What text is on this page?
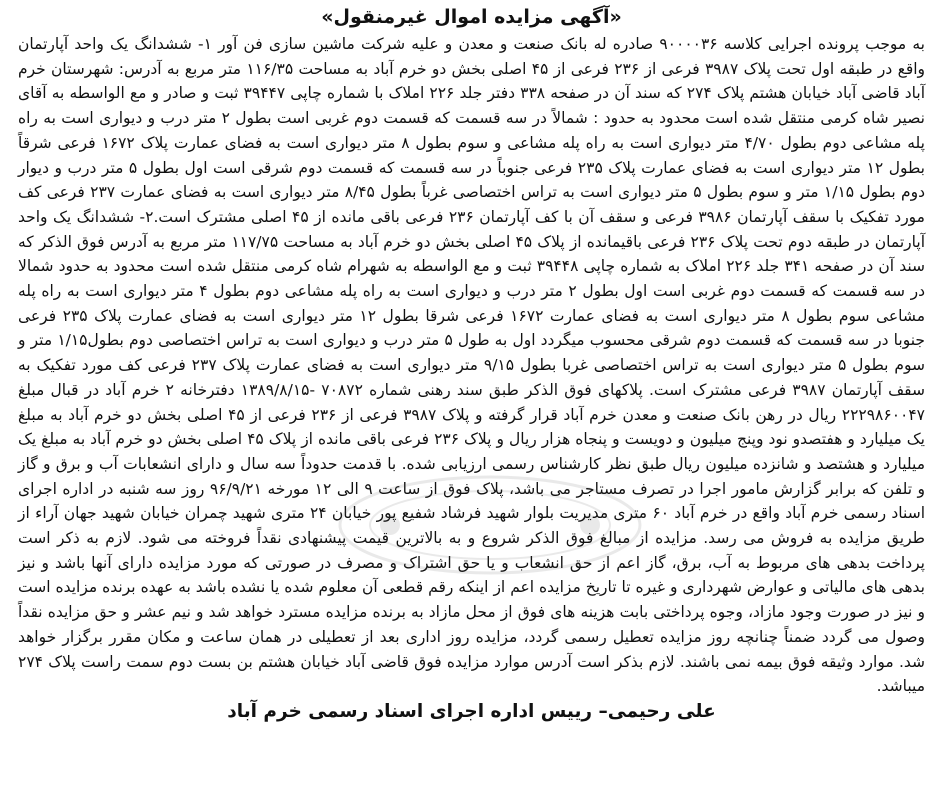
«آگهی مزایده اموال غیرمنقول»

به موجب پرونده اجرایی کلاسه ۹۰۰۰۰۳۶ صادره له بانک صنعت و معدن و علیه شرکت ماشین سازی فن آور ۱- ششدانگ یک واحد آپارتمان واقع در طبقه اول تحت پلاک ۳۹۸۷ فرعی از ۲۳۶ فرعی از ۴۵ اصلی بخش دو خرم آباد به مساحت ۱۱۶/۳۵ متر مربع به آدرس: شهرستان خرم آباد قاضی آباد خیابان هشتم پلاک ۲۷۴ که سند آن در صفحه ۳۳۸ دفتر جلد ۲۲۶ املاک با شماره چاپی ۳۹۴۴۷ ثبت و صادر و مع الواسطه به آقای نصیر شاه کرمی منتقل شده است محدود به حدود : شمالاً در سه قسمت که قسمت دوم غربی است بطول ۲ متر درب و دیواری است به راه پله مشاعی دوم بطول ۴/۷۰ متر دیواری است به راه پله مشاعی و سوم بطول ۸ متر دیواری است به فضای عمارت پلاک ۱۶۷۲ فرعی شرقاً بطول ۱۲ متر دیواری است به فضای عمارت پلاک ۲۳۵ فرعی جنوباً در سه قسمت که قسمت دوم شرقی است اول بطول ۵ متر درب و دیوار دوم بطول ۱/۱۵ متر و سوم بطول ۵ متر دیواری است به تراس اختصاصی غرباً بطول ۸/۴۵ متر دیواری است به فضای عمارت ۲۳۷ فرعی کف مورد تفکیک با سقف آپارتمان ۳۹۸۶ فرعی و سقف آن با کف آپارتمان ۲۳۶ فرعی باقی مانده از ۴۵ اصلی مشترک است.۲- ششدانگ یک واحد آپارتمان در طبقه دوم تحت پلاک ۲۳۶ فرعی باقیمانده از پلاک ۴۵ اصلی بخش دو خرم آباد به مساحت ۱۱۷/۷۵ متر مربع به آدرس فوق الذکر که سند آن در صفحه ۳۴۱ جلد ۲۲۶ املاک به شماره چاپی ۳۹۴۴۸ ثبت و مع الواسطه به شهرام شاه کرمی منتقل شده است محدود به حدود شمالا در سه قسمت که قسمت دوم غربی است اول بطول ۲ متر درب و دیواری است به راه پله مشاعی دوم بطول ۴ متر دیواری است به راه پله مشاعی سوم بطول ۸ متر دیواری است به فضای عمارت ۱۶۷۲ فرعی شرقا بطول ۱۲ متر دیواری است به فضای عمارت پلاک ۲۳۵ فرعی جنوبا در سه قسمت که قسمت دوم شرقی محسوب میگردد اول به طول ۵ متر درب و دیواری است به تراس اختصاصی دوم بطول۱/۱۵ متر و سوم بطول ۵ متر دیواری است به تراس اختصاصی غربا بطول ۹/۱۵ متر دیواری است به فضای عمارت پلاک ۲۳۷ فرعی کف مورد تفکیک به سقف آپارتمان ۳۹۸۷ فرعی مشترک است. پلاکهای فوق الذکر طبق سند رهنی شماره ۷۰۸۷۲ -۱۳۸۹/۸/۱۵ دفترخانه ۲ خرم آباد در قبال مبلغ ۲۲۲۹۸۶۰۰۴۷ ریال در رهن بانک صنعت و معدن خرم آباد قرار گرفته و پلاک ۳۹۸۷ فرعی از ۲۳۶ فرعی از ۴۵ اصلی بخش دو خرم آباد به مبلغ یک میلیارد و هفتصدو نود وپنج میلیون و دویست و پنجاه هزار ریال و پلاک ۲۳۶ فرعی باقی مانده از پلاک ۴۵ اصلی بخش دو خرم آباد به مبلغ یک میلیارد و هشتصد و شانزده میلیون ریال طبق نظر کارشناس رسمی ارزیابی شده. با قدمت حدوداً سه سال و دارای انشعابات آب و برق و گاز و تلفن که برابر گزارش مامور اجرا در تصرف مستاجر می باشد، پلاک فوق از ساعت ۹ الی ۱۲ مورخه ۹۶/۹/۲۱ روز سه شنبه در اداره اجرای اسناد رسمی خرم آباد واقع در خرم آباد ۶۰ متری مدیریت بلوار شهید فرشاد شفیع پور خیابان ۲۴ متری شهید چمران خیابان شهید جهان آراء از طریق مزایده به فروش می رسد. مزایده از مبالغ فوق الذکر شروع و به بالاترین قیمت پیشنهادی نقداً فروخته می شود. لازم به ذکر است پرداخت بدهی های مربوط به آب، برق، گاز اعم از حق انشعاب و یا حق اشتراک و مصرف در صورتی که مورد مزایده دارای آنها باشد و نیز بدهی های مالیاتی و عوارض شهرداری و غیره تا تاریخ مزایده اعم از اینکه رقم قطعی آن معلوم شده یا نشده باشد به عهده برنده مزایده است و نیز در صورت وجود مازاد، وجوه پرداختی بابت هزینه های فوق از محل مازاد به برنده مزایده مسترد خواهد شد و نیم عشر و حق مزایده نقداً وصول می گردد ضمناً چنانچه روز مزایده تعطیل رسمی گردد، مزایده روز اداری بعد از تعطیلی در همان ساعت و مکان مقرر برگزار خواهد شد. موارد وثیقه فوق بیمه نمی باشند. لازم بذکر است آدرس موارد مزایده فوق قاضی آباد خیابان هشتم بن بست دوم سمت راست پلاک ۲۷۴ میباشد.

علی رحیمی– رییس اداره اجرای اسناد رسمی خرم آباد
